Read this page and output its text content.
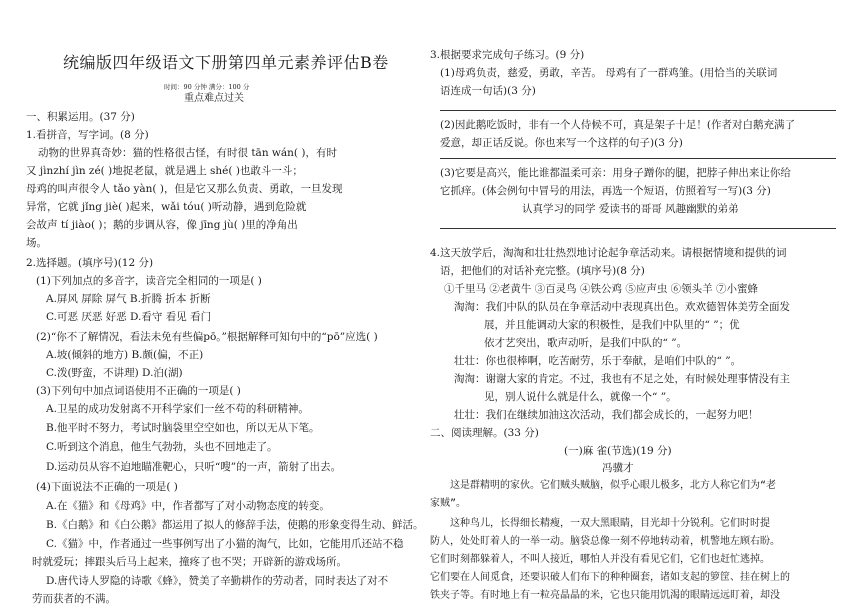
统编版四年级语文下册第四单元素养评估B卷
时间：90 分钟 满分：100 分
重点难点过关
一、积累运用。(37 分)
1.看拼音，写字词。(8 分)
动物的世界真奇妙：猫的性格很古怪，有时很 tān wán( )，有时
又 jìnzhí jìn zé( )地捉老鼠，就是遇上 shé( )也敢斗一斗；
母鸡的叫声很令人 tǎo yàn( )，但是它又那么负责、勇敢，一旦发现
异常，它就 jǐng jiè( )起来，wǎi tóu( )听动静，遇到危险就
会故声 tí jiào( )；鹅的步调从容，像 jīng jù( )里的净角出
场。
2.选择题。(填序号)(12 分)
(1)下列加点的多音字，读音完全相同的一项是( )
A.屏风 屏除 屏气 B.折腾 折本 折断
C.可恶 厌恶 好恶 D.看守 看见 看门
(2)“你不了解情况，看法未免有些偏pō。”根据解释可知句中的“pō”应选( )
A.坡(倾斜的地方) B.颇(偏，不正)
C.泼(野蛮，不讲理) D.泊(湖)
(3)下列句中加点词语使用不正确的一项是( )
A.卫星的成功发射离不开科学家们一丝不苟的科研精神。
B.他平时不努力，考试时脑袋里空空如也，所以无从下笔。
C.听到这个消息，他生气勃勃，头也不回地走了。
D.运动员从容不迫地瞄准靶心，只听“嗖”的一声，箭射了出去。
(4)下面说法不正确的一项是( )
A.在《猫》和《母鸡》中，作者都写了对小动物态度的转变。
B.《白鹅》和《白公鹅》都运用了拟人的修辞手法，使鹅的形象变得生动、鲜活。
C.《猫》中，作者通过一些事例写出了小猫的淘气，比如，它能用爪还站不稳
时就爱玩；摔跟头后马上起来，撞疼了也不哭；开辟新的游戏场所。
D.唐代诗人罗隐的诗歌《蜂》，赞美了辛勤耕作的劳动者，同时表达了对不
劳而获者的不满。
3.根据要求完成句子练习。(9 分)
(1)母鸡负责，慈爱，勇敢，辛苦。 母鸡有了一群鸡雏。(用恰当的关联词
语连成一句话)(3 分)
(2)因此鹅吃饭时，非有一个人侍候不可，真是架子十足！(作者对白鹅充满了
爱意，却正话反说。你也来写一个这样的句子)(3 分)
(3)它要是高兴，能比谁都温柔可亲：用身子蹭你的腿，把脖子伸出来让你给
它抓痒。(体会例句中冒号的用法，再选一个短语，仿照着写一写)(3 分)
认真学习的同学 爱读书的哥哥 风趣幽默的弟弟
4.这天放学后，淘淘和壮壮热烈地讨论起争章活动来。请根据情境和提供的词
语，把他们的对话补充完整。(填序号)(8 分)
①千里马 ②老黄牛 ③百灵鸟 ④铁公鸡 ⑤应声虫 ⑥领头羊 ⑦小蜜蜂
淘淘：我们中队的队员在争章活动中表现真出色。欢欢德智体美劳全面发
展，并且能调动大家的积极性，是我们中队里的“ ”；优
依才艺突出，歌声动听，是我们中队的“ ”。
壮壮：你也很棒啊，吃苦耐劳，乐于奉献，是咱们中队的“ ”。
淘淘：谢谢大家的肯定。不过，我也有不足之处，有时候处理事情没有主
见，别人说什么就是什么，就像一个“ ”。
壮壮：我们在继续加油这次活动，我们都会成长的，一起努力吧！
二、阅读理解。(33 分)
(一)麻 雀(节选)(19 分)
冯骥才
这是群精明的家伙。它们贼头贼脑，似乎心眼儿极多，北方人称它们为“老
家贼”。
这种鸟儿，长得细长精瘦，一双大黑眼睛，目光却十分锐利。它们时时提
防人，处处盯着人的一举一动。脑袋总像一刻不停地转动着，机警地左顾右盼。
它们时刻都躲着人，不叫人接近，哪怕人并没有看见它们，它们也赶忙逃掉。
它们要在人间觅食，还要识破人们布下的种种圈套，诸如支起的箩筐、挂在树上的
铁夹子等。有时地上有一粒亮晶晶的米，它也只能用饥渴的眼睛远远盯着，却没
